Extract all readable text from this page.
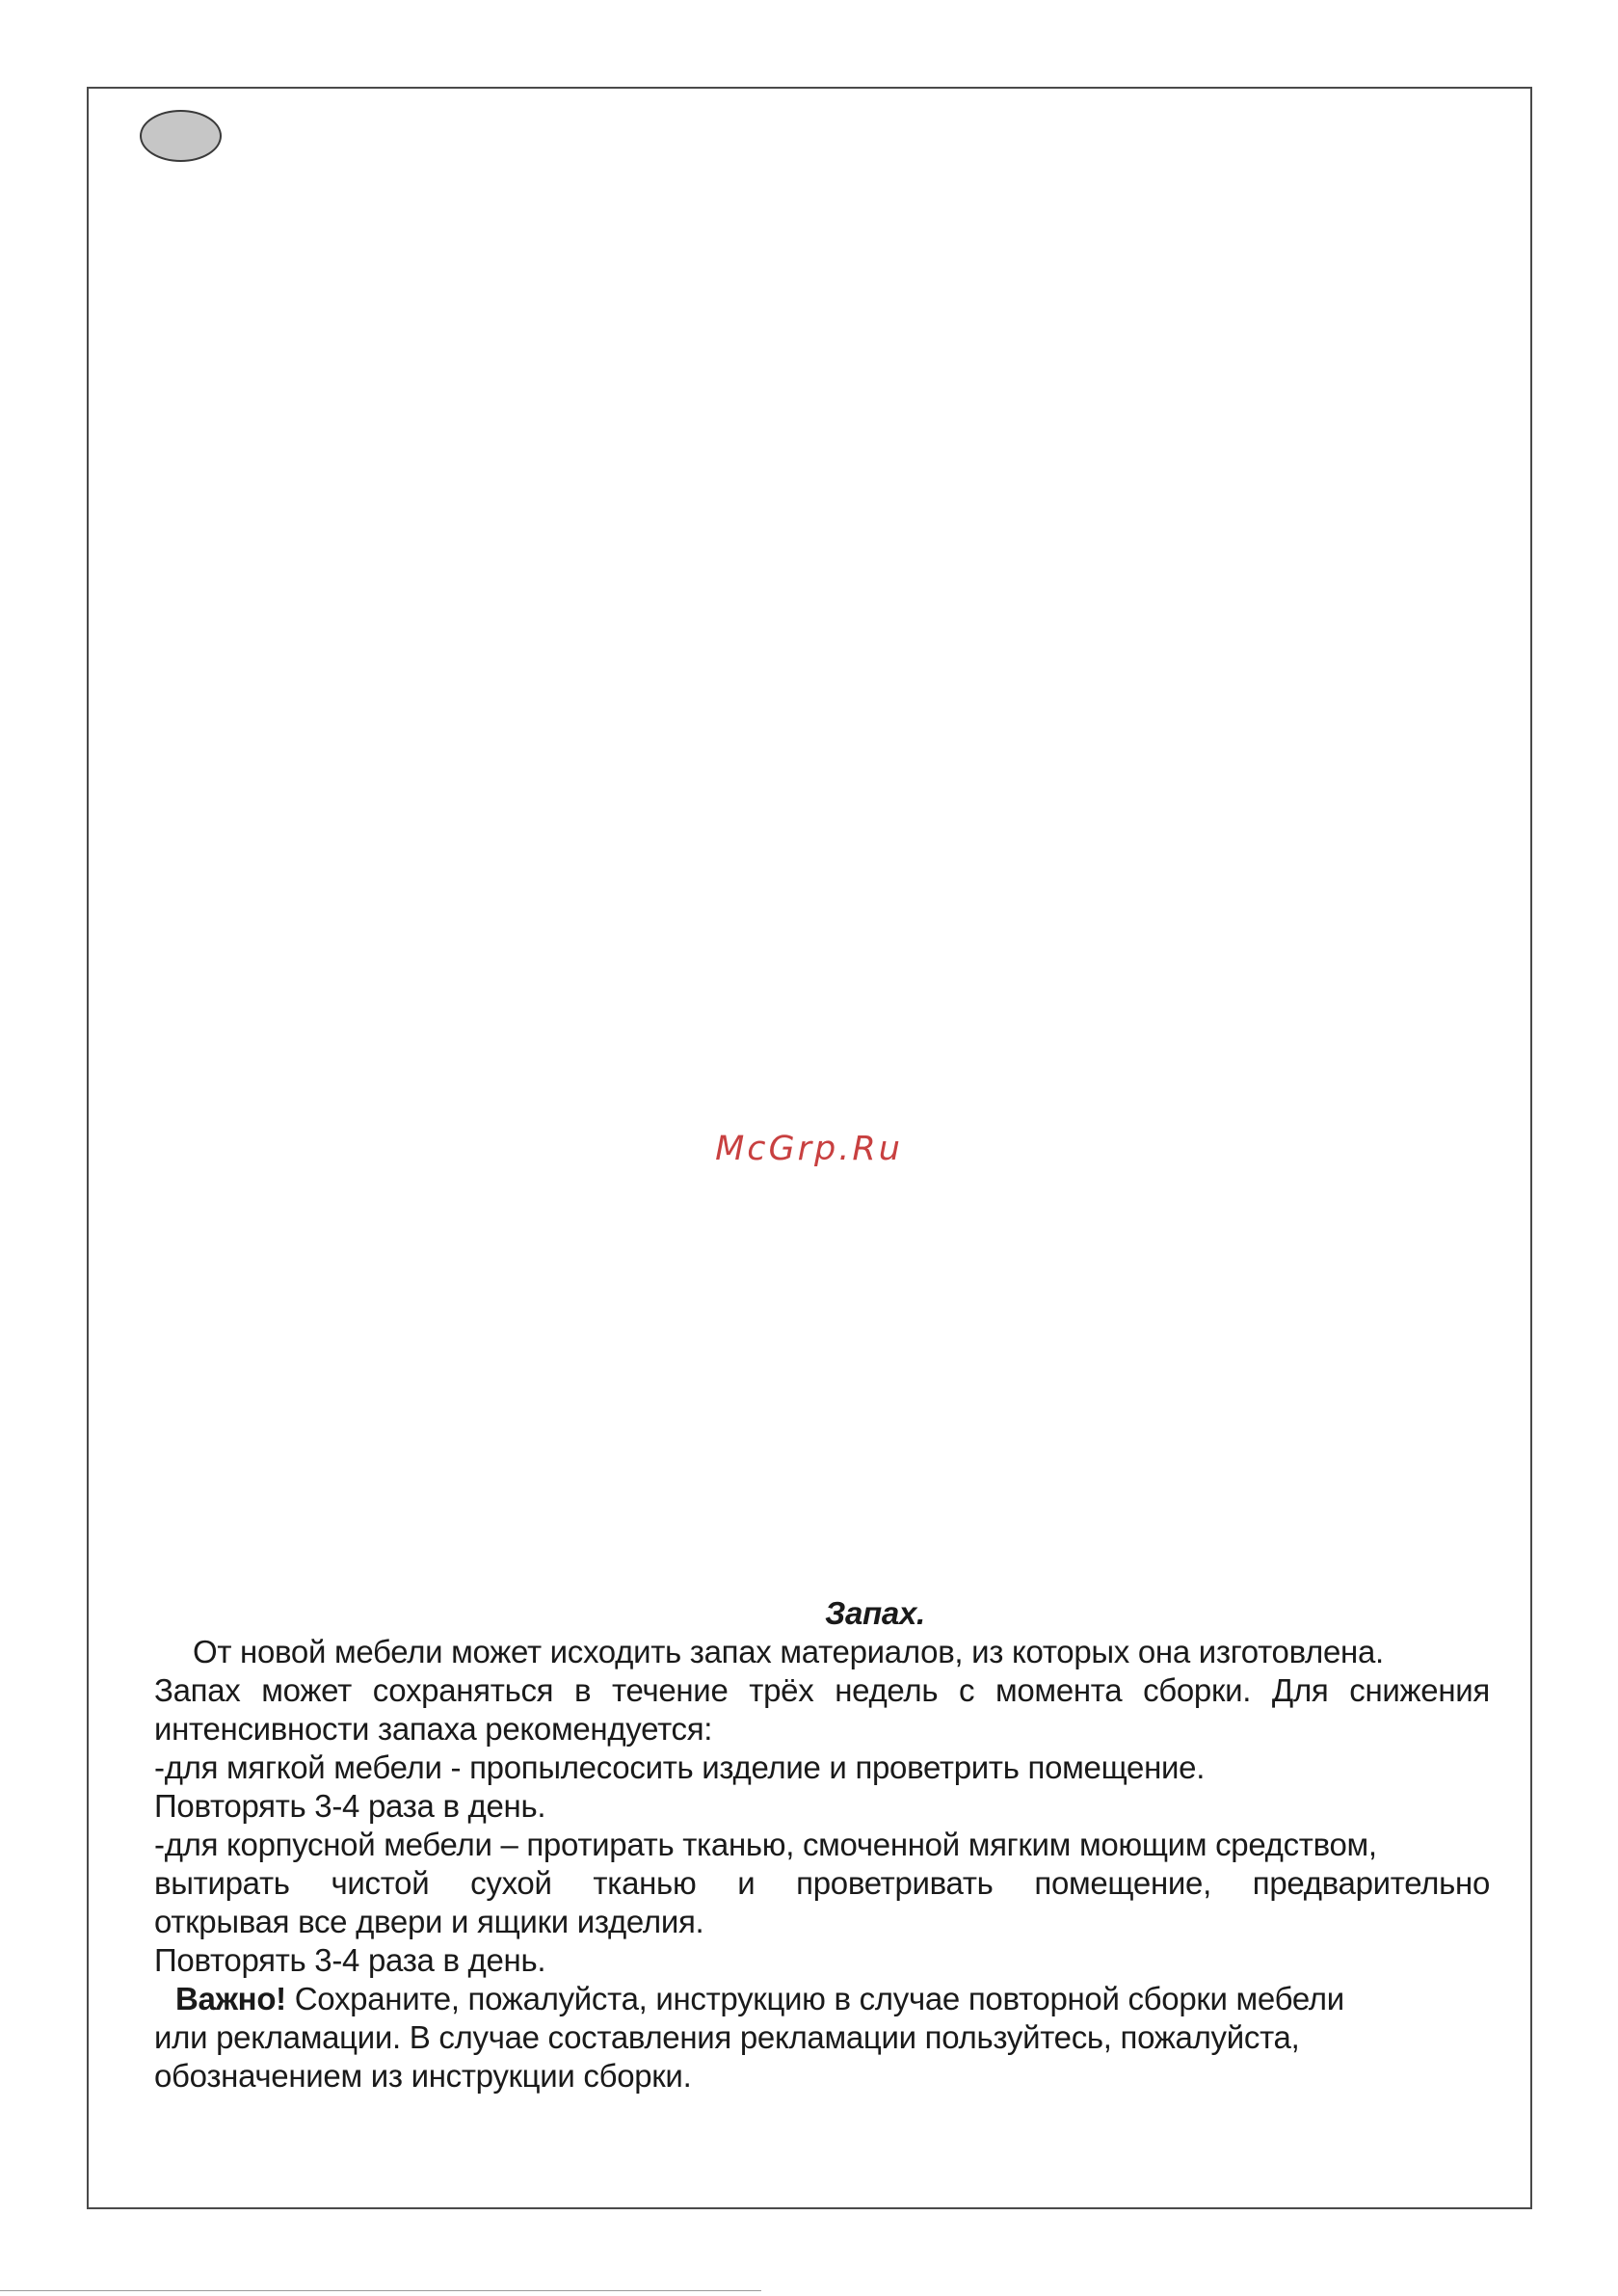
McGrp.Ru
Запах.
От новой мебели может исходить запах материалов, из которых она изготовлена.
Запах может сохраняться в течение трёх недель с момента сборки. Для снижения
интенсивности запаха рекомендуется:
-для мягкой мебели - пропылесосить изделие и проветрить помещение.
Повторять 3-4 раза в день.
-для корпусной мебели – протирать тканью, смоченной мягким моющим средством,
вытирать чистой сухой тканью и проветривать помещение, предварительно
открывая все двери и ящики изделия.
Повторять 3-4 раза в день.
Важно! Сохраните, пожалуйста, инструкцию в случае повторной сборки мебели
или рекламации. В случае составления рекламации пользуйтесь, пожалуйста,
обозначением из инструкции сборки.
